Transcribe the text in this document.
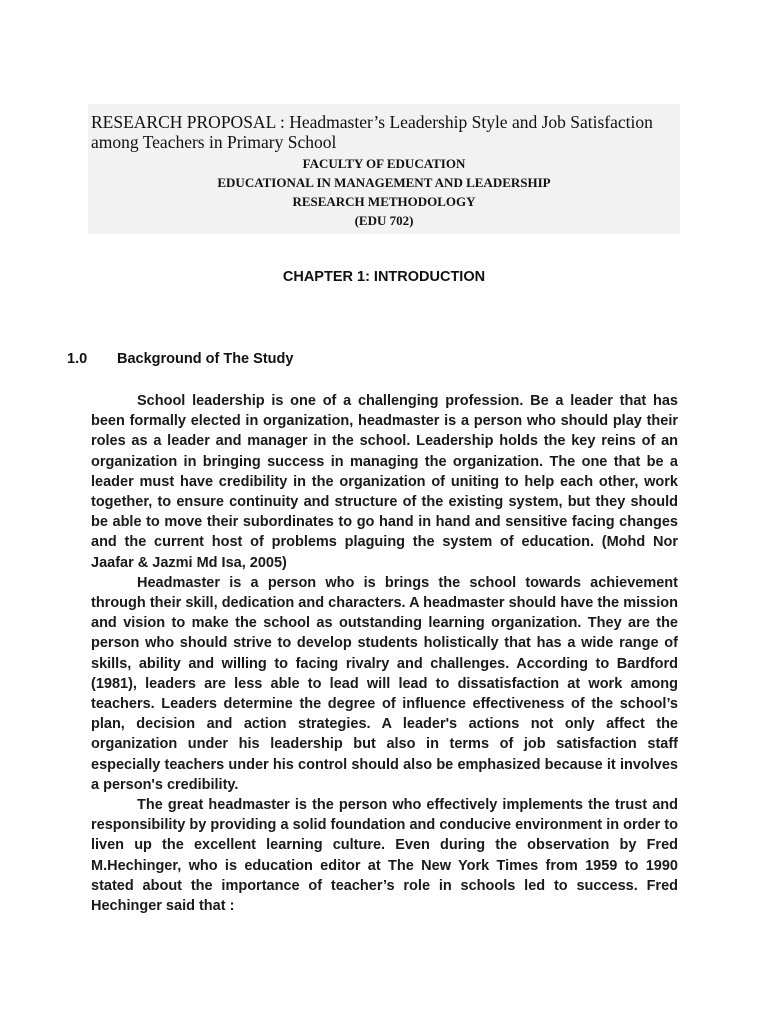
RESEARCH PROPOSAL : Headmaster’s Leadership Style and Job Satisfaction among Teachers in Primary School

FACULTY OF EDUCATION

EDUCATIONAL IN MANAGEMENT AND LEADERSHIP

RESEARCH METHODOLOGY

(EDU 702)

CHAPTER 1: INTRODUCTION
1.0	Background of The Study

School leadership is one of a challenging profession. Be a leader that has been formally elected in organization, headmaster is a person who should play their roles as a leader and manager in the school. Leadership holds the key reins of an organization in bringing success in managing the organization. The one that be a leader must have credibility in the organization of uniting to help each other, work together, to ensure continuity and structure of the existing system, but they should be able to move their subordinates to go hand in hand and sensitive facing changes and the current host of problems plaguing the system of education. (Mohd Nor Jaafar & Jazmi Md Isa, 2005)

Headmaster is a person who is brings the school towards achievement through their skill, dedication and characters. A headmaster should have the mission and vision to make the school as outstanding learning organization. They are the person who should strive to develop students holistically that has a wide range of skills, ability and willing to facing rivalry and challenges. According to Bardford (1981), leaders are less able to lead will lead to dissatisfaction at work among teachers. Leaders determine the degree of influence effectiveness of the school’s plan, decision and action strategies. A leader's actions not only affect the organization under his leadership but also in terms of job satisfaction staff especially teachers under his control should also be emphasized because it involves a person's credibility.

The great headmaster is the person who effectively implements the trust and responsibility by providing a solid foundation and conducive environment in order to liven up the excellent learning culture. Even during the observation by Fred M.Hechinger, who is education editor at The New York Times from 1959 to 1990 stated about the importance of teacher’s role in schools led to success. Fred Hechinger said that :
